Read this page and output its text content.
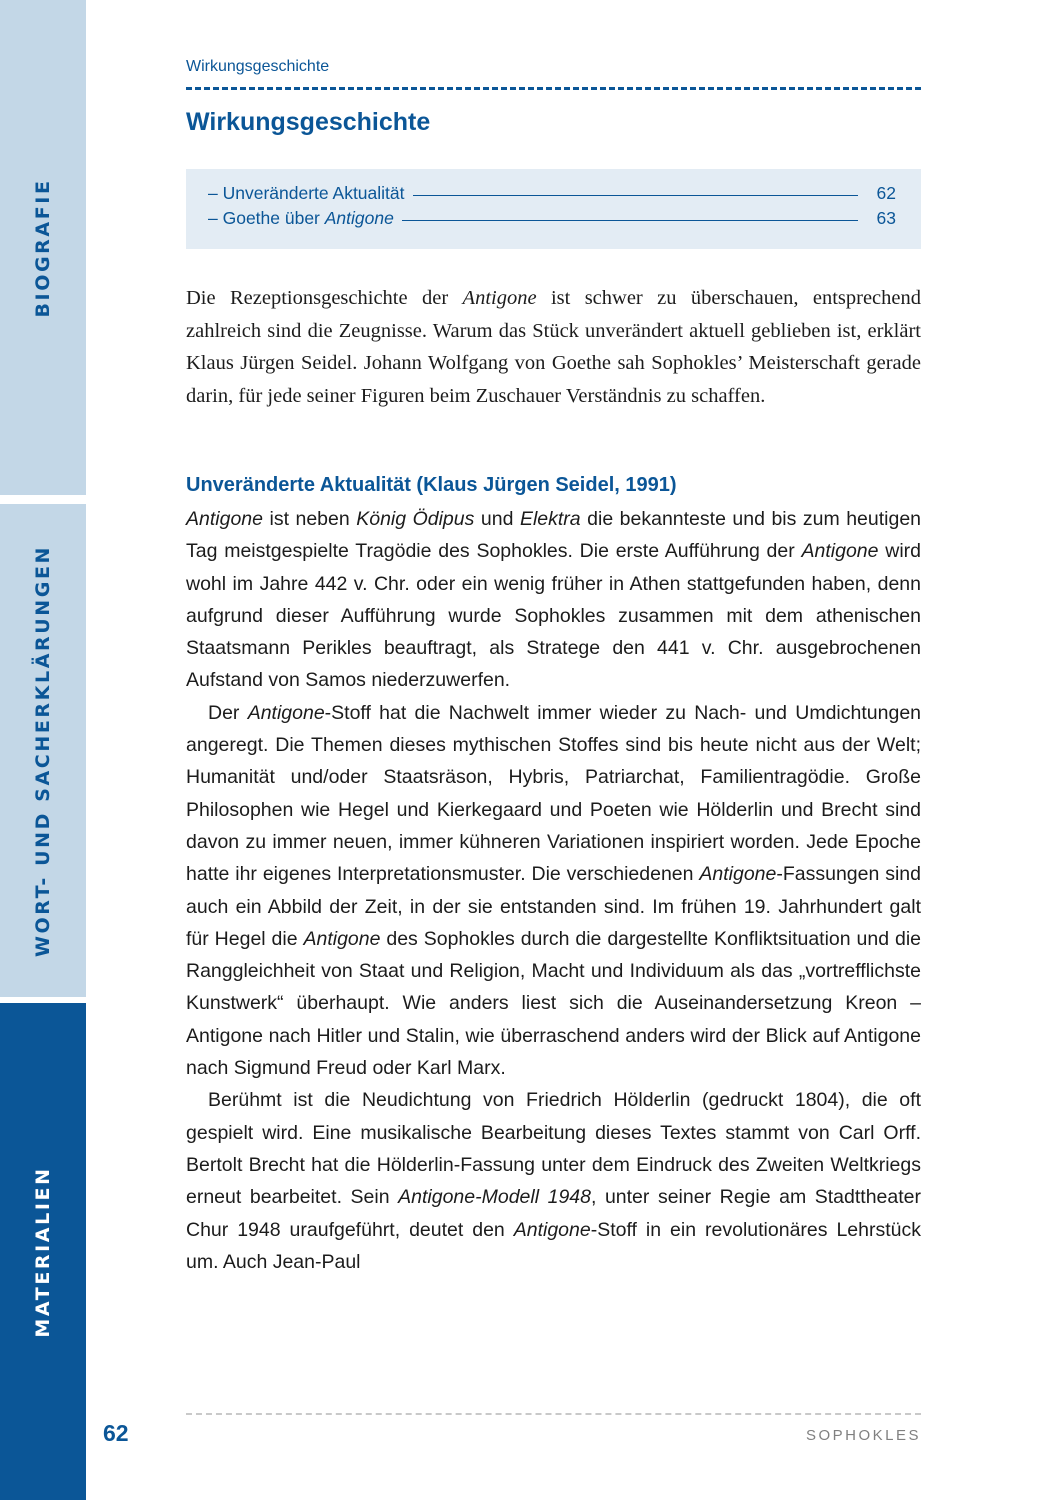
BIOGRAFIE
WORT- UND SACHERKLÄRUNGEN
MATERIALIEN
Wirkungsgeschichte
Wirkungsgeschichte
– Unveränderte Aktualität	62
– Goethe über Antigone	63

Die Rezeptionsgeschichte der Antigone ist schwer zu überschauen, entsprechend zahlreich sind die Zeugnisse. Warum das Stück unverändert aktuell geblieben ist, erklärt Klaus Jürgen Seidel. Johann Wolfgang von Goethe sah Sophokles’ Meisterschaft gerade darin, für jede seiner Figuren beim Zuschauer Verständnis zu schaffen.

Unveränderte Aktualität (Klaus Jürgen Seidel, 1991)

Antigone ist neben König Ödipus und Elektra die bekannteste und bis zum heutigen Tag meistgespielte Tragödie des Sophokles. Die erste Aufführung der Antigone wird wohl im Jahre 442 v. Chr. oder ein wenig früher in Athen stattgefunden haben, denn aufgrund dieser Aufführung wurde Sophokles zusammen mit dem athenischen Staatsmann Perikles beauftragt, als Stratege den 441 v. Chr. ausgebrochenen Aufstand von Samos niederzuwerfen.

Der Antigone-Stoff hat die Nachwelt immer wieder zu Nach- und Umdichtungen angeregt. Die Themen dieses mythischen Stoffes sind bis heute nicht aus der Welt; Humanität und/oder Staatsräson, Hybris, Patriarchat, Familientragödie. Große Philosophen wie Hegel und Kierkegaard und Poeten wie Hölderlin und Brecht sind davon zu immer neuen, immer kühneren Variationen inspiriert worden. Jede Epoche hatte ihr eigenes Interpretationsmuster. Die verschiedenen Antigone-Fassungen sind auch ein Abbild der Zeit, in der sie entstanden sind. Im frühen 19. Jahrhundert galt für Hegel die Antigone des Sophokles durch die dargestellte Konfliktsituation und die Ranggleichheit von Staat und Religion, Macht und Individuum als das „vortrefflichste Kunstwerk“ überhaupt. Wie anders liest sich die Auseinandersetzung Kreon – Antigone nach Hitler und Stalin, wie überraschend anders wird der Blick auf Antigone nach Sigmund Freud oder Karl Marx.

Berühmt ist die Neudichtung von Friedrich Hölderlin (gedruckt 1804), die oft gespielt wird. Eine musikalische Bearbeitung dieses Textes stammt von Carl Orff. Bertolt Brecht hat die Hölderlin-Fassung unter dem Eindruck des Zweiten Weltkriegs erneut bearbeitet. Sein Antigone-Modell 1948, unter seiner Regie am Stadttheater Chur 1948 uraufgeführt, deutet den Antigone-Stoff in ein revolutionäres Lehrstück um. Auch Jean-Paul

62	SOPHOKLES
